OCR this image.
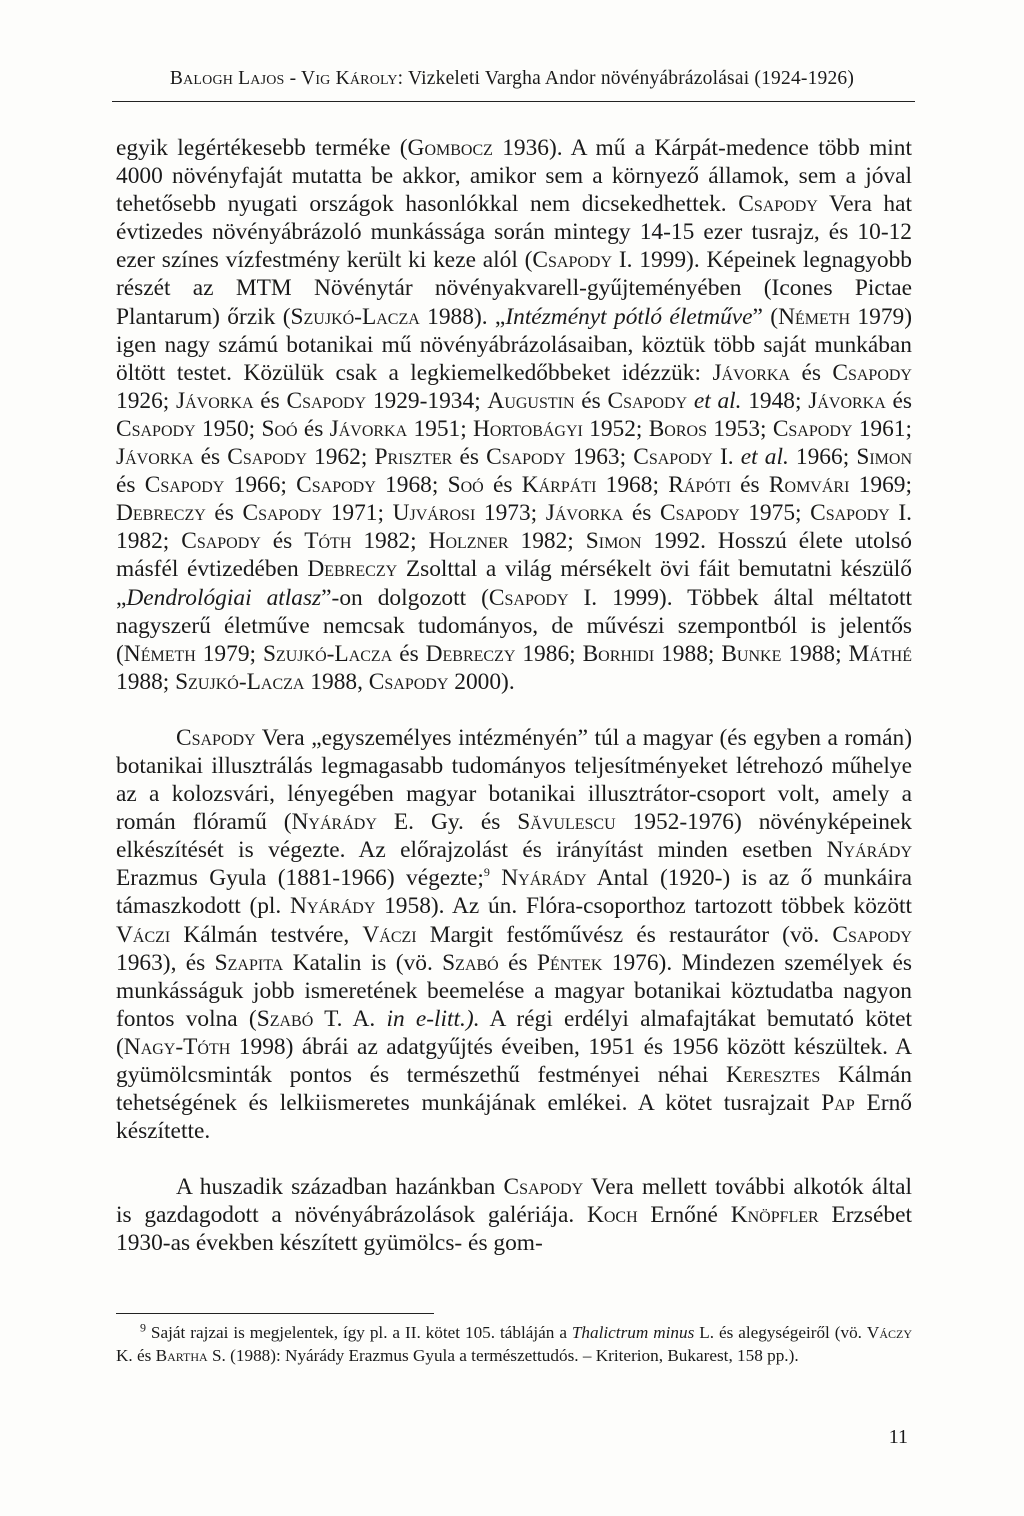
Balogh Lajos - Vig Károly: Vizkeleti Vargha Andor növényábrázolásai (1924-1926)

egyik legértékesebb terméke (Gombocz 1936). A mű a Kárpát-medence több mint 4000 növényfaját mutatta be akkor, amikor sem a környező államok, sem a jóval tehetősebb nyugati országok hasonlókkal nem dicsekedhettek. Csapody Vera hat évtizedes növényábrázoló munkássága során mintegy 14-15 ezer tusrajz, és 10-12 ezer színes vízfestmény került ki keze alól (Csapody I. 1999). Képeinek legnagyobb részét az MTM Növénytár növényakvarell-gyűjteményében (Icones Pictae Plantarum) őrzik (Szujkó-Lacza 1988). „Intézményt pótló életműve” (Németh 1979) igen nagy számú botanikai mű növényábrázolásaiban, köztük több saját munkában öltött testet. Közülük csak a legkiemelkedőbbeket idézzük: Jávorka és Csapody 1926; Jávorka és Csapody 1929-1934; Augustin és Csapody et al. 1948; Jávorka és Csapody 1950; Soó és Jávorka 1951; Hortobágyi 1952; Boros 1953; Csapody 1961; Jávorka és Csapody 1962; Priszter és Csapody 1963; Csapody I. et al. 1966; Simon és Csapody 1966; Csapody 1968; Soó és Kárpáti 1968; Rápóti és Romvári 1969; Debreczy és Csapody 1971; Ujvárosi 1973; Jávorka és Csapody 1975; Csapody I. 1982; Csapody és Tóth 1982; Holzner 1982; Simon 1992. Hosszú élete utolsó másfél évtizedében Debreczy Zsolttal a világ mérsékelt övi fáit bemutatni készülő „Dendrológiai atlasz”-on dolgozott (Csapody I. 1999). Többek által méltatott nagyszerű életműve nemcsak tudományos, de művészi szempontból is jelentős (Németh 1979; Szujkó-Lacza és Debreczy 1986; Borhidi 1988; Bunke 1988; Máthé 1988; Szujkó-Lacza 1988, Csapody 2000).

Csapody Vera „egyszemélyes intézményén” túl a magyar (és egyben a román) botanikai illusztrálás legmagasabb tudományos teljesítményeket létrehozó műhelye az a kolozsvári, lényegében magyar botanikai illusztrátor-csoport volt, amely a román flóramű (Nyárády E. Gy. és Săvulescu 1952-1976) növényképeinek elkészítését is végezte. Az előrajzolást és irányítást minden esetben Nyárády Erazmus Gyula (1881-1966) végezte;$^9$ Nyárády Antal (1920-) is az ő munkáira támaszkodott (pl. Nyárády 1958). Az ún. Flóra-csoporthoz tartozott többek között Váczi Kálmán testvére, Váczi Margit festőművész és restaurátor (vö. Csapody 1963), és Szapita Katalin is (vö. Szabó és Péntek 1976). Mindezen személyek és munkásságuk jobb ismeretének beemelése a magyar botanikai köztudatba nagyon fontos volna (Szabó T. A. in e-litt.). A régi erdélyi almafajtákat bemutató kötet (Nagy-Tóth 1998) ábrái az adatgyűjtés éveiben, 1951 és 1956 között készültek. A gyümölcsminták pontos és természethű festményei néhai Keresztes Kálmán tehetségének és lelkiismeretes munkájának emlékei. A kötet tusrajzait Pap Ernő készítette.

A huszadik században hazánkban Csapody Vera mellett további alkotók által is gazdagodott a növényábrázolások galériája. Koch Ernőné Knöpfler Erzsébet 1930-as években készített gyümölcs- és gom-

$^9$ Saját rajzai is megjelentek, így pl. a II. kötet 105. tábláján a Thalictrum minus L. és alegységeiről (vö. Váczy K. és Bartha S. (1988): Nyárády Erazmus Gyula a természettudós. – Kriterion, Bukarest, 158 pp.).
11
